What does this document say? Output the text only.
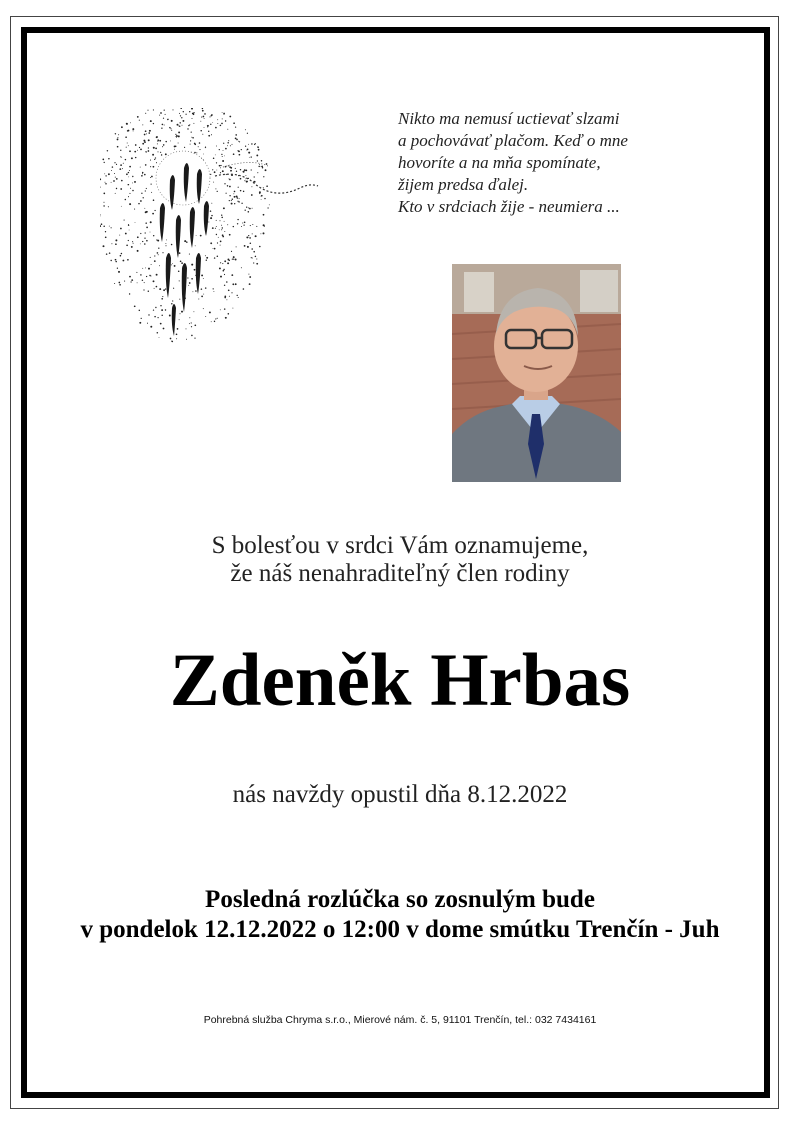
Nikto ma nemusí uctievať slzami
a pochovávať plačom. Keď o mne
hovoríte a na mňa spomínate,
žijem predsa ďalej.
Kto v srdciach žije - neumiera ...
S bolesťou v srdci Vám oznamujeme,
že náš nenahraditeľný člen rodiny
Zdeněk Hrbas
nás navždy opustil dňa 8.12.2022
Posledná rozlúčka so zosnulým bude
v pondelok 12.12.2022 o 12:00 v dome smútku Trenčín - Juh
Pohrebná služba Chryma s.r.o., Mierové nám. č. 5, 91101 Trenčín, tel.: 032 7434161
